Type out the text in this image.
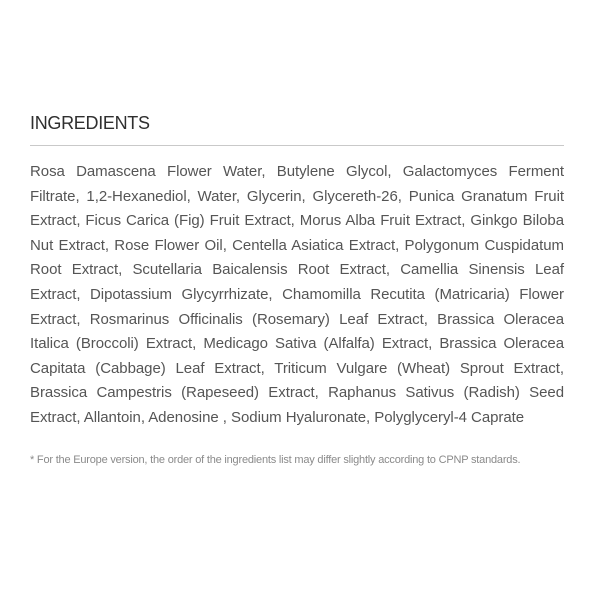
INGREDIENTS

Rosa Damascena Flower Water, Butylene Glycol, Galactomyces Ferment Filtrate, 1,2-Hexanediol, Water, Glycerin, Glycereth-26, Punica Granatum Fruit Extract, Ficus Carica (Fig) Fruit Extract, Morus Alba Fruit Extract, Ginkgo Biloba Nut Extract, Rose Flower Oil, Centella Asiatica Extract, Polygonum Cuspidatum Root Extract, Scutellaria Baicalensis Root Extract, Camellia Sinensis Leaf Extract, Dipotassium Glycyrrhizate, Chamomilla Recutita (Matricaria) Flower Extract, Rosmarinus Officinalis (Rosemary) Leaf Extract, Brassica Oleracea Italica (Broccoli) Extract, Medicago Sativa (Alfalfa) Extract, Brassica Oleracea Capitata (Cabbage) Leaf Extract, Triticum Vulgare (Wheat) Sprout Extract, Brassica Campestris (Rapeseed) Extract, Raphanus Sativus (Radish) Seed Extract, Allantoin, Adenosine , Sodium Hyaluronate, Polyglyceryl-4 Caprate

* For the Europe version, the order of the ingredients list may differ slightly according to CPNP standards.
